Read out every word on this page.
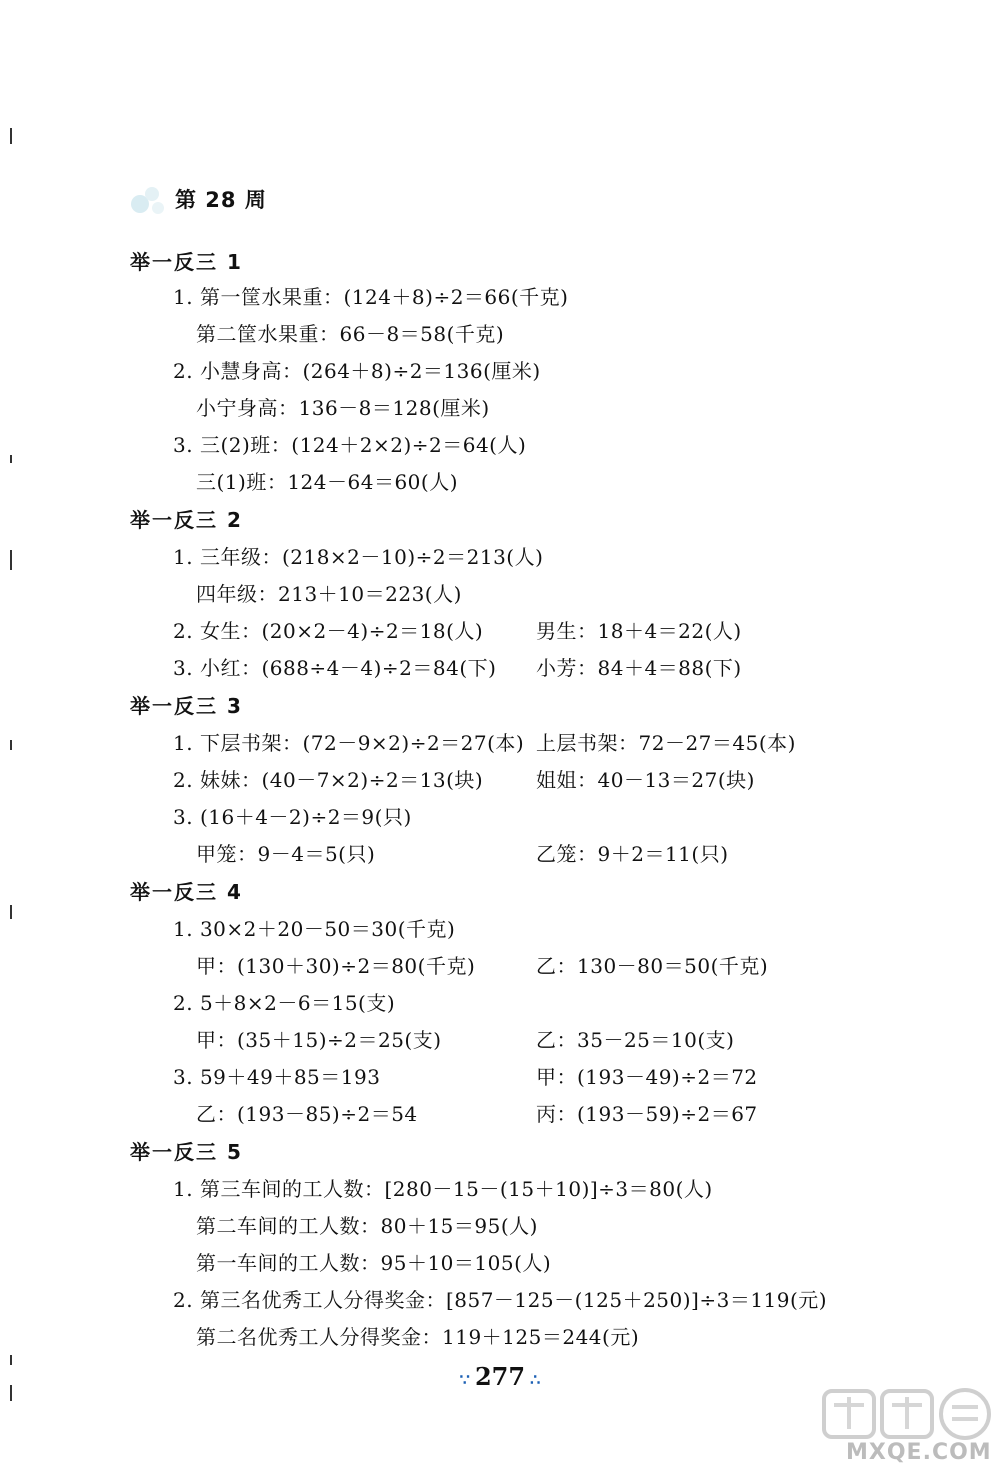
第 28 周
举一反三 1
1. 第一筐水果重：(124＋8)÷2＝66(千克)
第二筐水果重：66－8＝58(千克)
2. 小慧身高：(264＋8)÷2＝136(厘米)
小宁身高：136－8＝128(厘米)
3. 三(2)班：(124＋2×2)÷2＝64(人)
三(1)班：124－64＝60(人)
举一反三 2
1. 三年级：(218×2－10)÷2＝213(人)
四年级：213＋10＝223(人)
2. 女生：(20×2－4)÷2＝18(人)	男生：18＋4＝22(人)
3. 小红：(688÷4－4)÷2＝84(下) 小芳：84＋4＝88(下)
举一反三 3
1. 下层书架：(72－9×2)÷2＝27(本) 上层书架：72－27＝45(本)
2. 妹妹：(40－7×2)÷2＝13(块)	姐姐：40－13＝27(块)
3. (16＋4－2)÷2＝9(只)
甲笼：9－4＝5(只)	乙笼：9＋2＝11(只)
举一反三 4
1. 30×2＋20－50＝30(千克)
甲：(130＋30)÷2＝80(千克)	乙：130－80＝50(千克)
2. 5＋8×2－6＝15(支)
甲：(35＋15)÷2＝25(支)	乙：35－25＝10(支)
3. 59＋49＋85＝193	甲：(193－49)÷2＝72
乙：(193－85)÷2＝54	丙：(193－59)÷2＝67
举一反三 5
1. 第三车间的工人数：[280－15－(15＋10)]÷3＝80(人)
第二车间的工人数：80＋15＝95(人)
第一车间的工人数：95＋10＝105(人)
2. 第三名优秀工人分得奖金：[857－125－(125＋250)]÷3＝119(元)
第二名优秀工人分得奖金：119＋125＝244(元)
∵ 277 ∴
MXQE.COM
